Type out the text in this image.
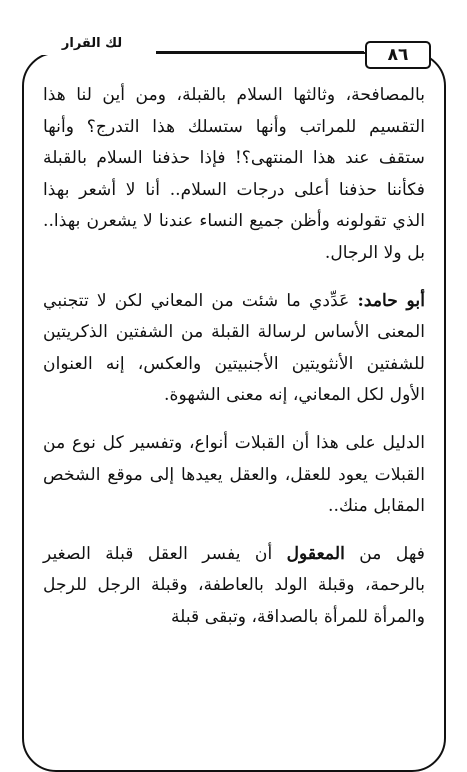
لك القرار
٨٦

بالمصافحة، وثالثها السلام بالقبلة، ومن أين لنا هذا التقسيم للمراتب وأنها ستسلك هذا التدرج؟ وأنها ستقف عند هذا المنتهى؟! فإذا حذفنا السلام بالقبلة فكأننا حذفنا أعلى درجات السلام.. أنا لا أشعر بهذا الذي تقولونه وأظن جميع النساء عندنا لا يشعرن بهذا.. بل ولا الرجال.

أبو حامد: عَدِّدي ما شئت من المعاني لكن لا تتجنبي المعنى الأساس لرسالة القبلة من الشفتين الذكريتين للشفتين الأنثويتين الأجنبيتين والعكس، إنه العنوان الأول لكل المعاني، إنه معنى الشهوة.

الدليل على هذا أن القبلات أنواع، وتفسير كل نوع من القبلات يعود للعقل، والعقل يعيدها إلى موقع الشخص المقابل منك..

فهل من المعقول أن يفسر العقل قبلة الصغير بالرحمة، وقبلة الولد بالعاطفة، وقبلة الرجل للرجل والمرأة للمرأة بالصداقة، وتبقى قبلة
